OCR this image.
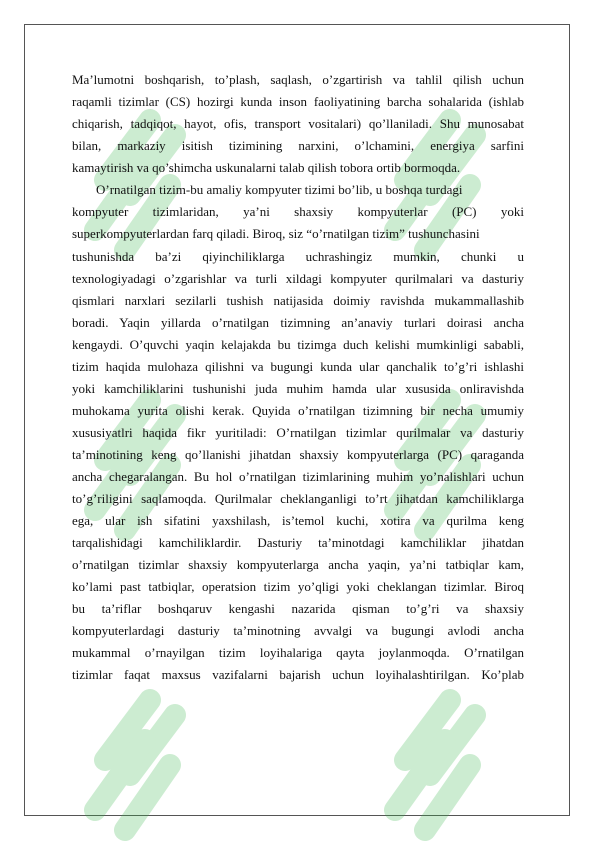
Ma’lumotni boshqarish, to’plash, saqlash, o’zgartirish va tahlil qilish uchun
raqamli tizimlar (CS) hozirgi kunda inson faoliyatining barcha sohalarida (ishlab
chiqarish, tadqiqot, hayot, ofis, transport vositalari) qo’llaniladi. Shu munosabat
bilan, markaziy isitish tizimining narxini, o’lchamini, energiya sarfini
kamaytirish va qo’shimcha uskunalarni talab qilish tobora ortib bormoqda.
O’rnatilgan tizim-bu amaliy kompyuter tizimi bo’lib, u boshqa turdagi
kompyuter tizimlaridan, ya’ni shaxsiy kompyuterlar (PC) yoki
superkompyuterlardan farq qiladi. Biroq, siz “o’rnatilgan tizim” tushunchasini
tushunishda ba’zi qiyinchiliklarga uchrashingiz mumkin, chunki u
texnologiyadagi o’zgarishlar va turli xildagi kompyuter qurilmalari va dasturiy
qismlari narxlari sezilarli tushish natijasida doimiy ravishda mukammallashib
boradi. Yaqin yillarda o’rnatilgan tizimning an’anaviy turlari doirasi ancha
kengaydi. O’quvchi yaqin kelajakda bu tizimga duch kelishi mumkinligi sababli,
tizim haqida mulohaza qilishni va bugungi kunda ular qanchalik to’g’ri ishlashi
yoki kamchiliklarini tushunishi juda muhim hamda ular xususida onliravishda
muhokama yurita olishi kerak. Quyida o’rnatilgan tizimning bir necha umumiy
xususiyatlri haqida fikr yuritiladi: O’rnatilgan tizimlar qurilmalar va dasturiy
ta’minotining keng qo’llanishi jihatdan shaxsiy kompyuterlarga (PC) qaraganda
ancha chegaralangan. Bu hol o’rnatilgan tizimlarining muhim yo’nalishlari uchun
to’g’riligini saqlamoqda. Qurilmalar cheklanganligi to’rt jihatdan kamchiliklarga
ega, ular ish sifatini yaxshilash, is’temol kuchi, xotira va qurilma keng
tarqalishidagi kamchiliklardir. Dasturiy ta’minotdagi kamchiliklar jihatdan
o’rnatilgan tizimlar shaxsiy kompyuterlarga ancha yaqin, ya’ni tatbiqlar kam,
ko’lami past tatbiqlar, operatsion tizim yo’qligi yoki cheklangan tizimlar. Biroq
bu ta’riflar boshqaruv kengashi nazarida qisman to’g’ri va shaxsiy
kompyuterlardagi dasturiy ta’minotning avvalgi va bugungi avlodi ancha
mukammal o’rnayilgan tizim loyihalariga qayta joylanmoqda. O’rnatilgan
tizimlar faqat maxsus vazifalarni bajarish uchun loyihalashtirilgan. Ko’plab
